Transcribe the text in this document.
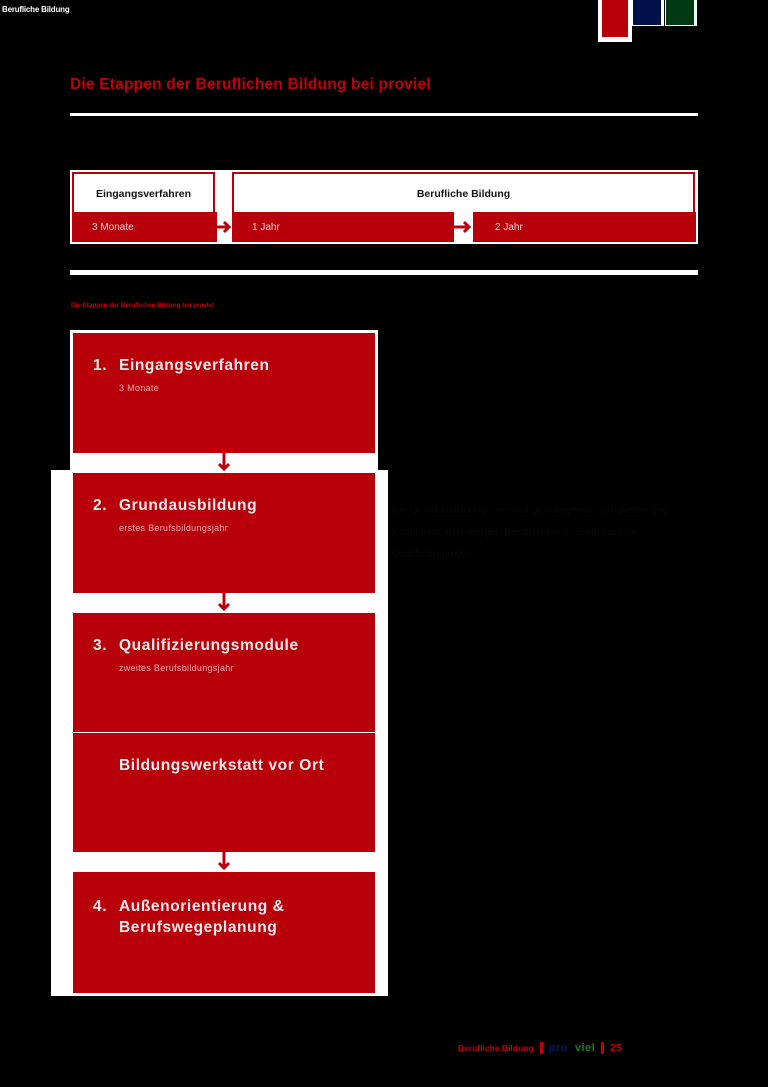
Berufliche Bildung
Die Etappen der Beruflichen Bildung bei proviel
Eingangsverfahren	Berufliche Bildung
3 Monate	1 Jahr	2 Jahr
Die Etappen der Beruflichen Bildung bei proviel
1. Eingangsverfahren
3 Monate
2. Grundausbildung
erstes Berufsbildungsjahr
3. Qualifizierungsmodule
zweites Berufsbildungsjahr
Bildungswerkstatt vor Ort
4. Außenorientierung &
Berufswegeplanung
Die Grundausbildung vermittelt grundlegende Fertigkeiten und Kenntnisse im jeweiligen Berufsfeld und bereitet auf die Qualifizierung vor.
Berufliche Bildung pro viel 25
